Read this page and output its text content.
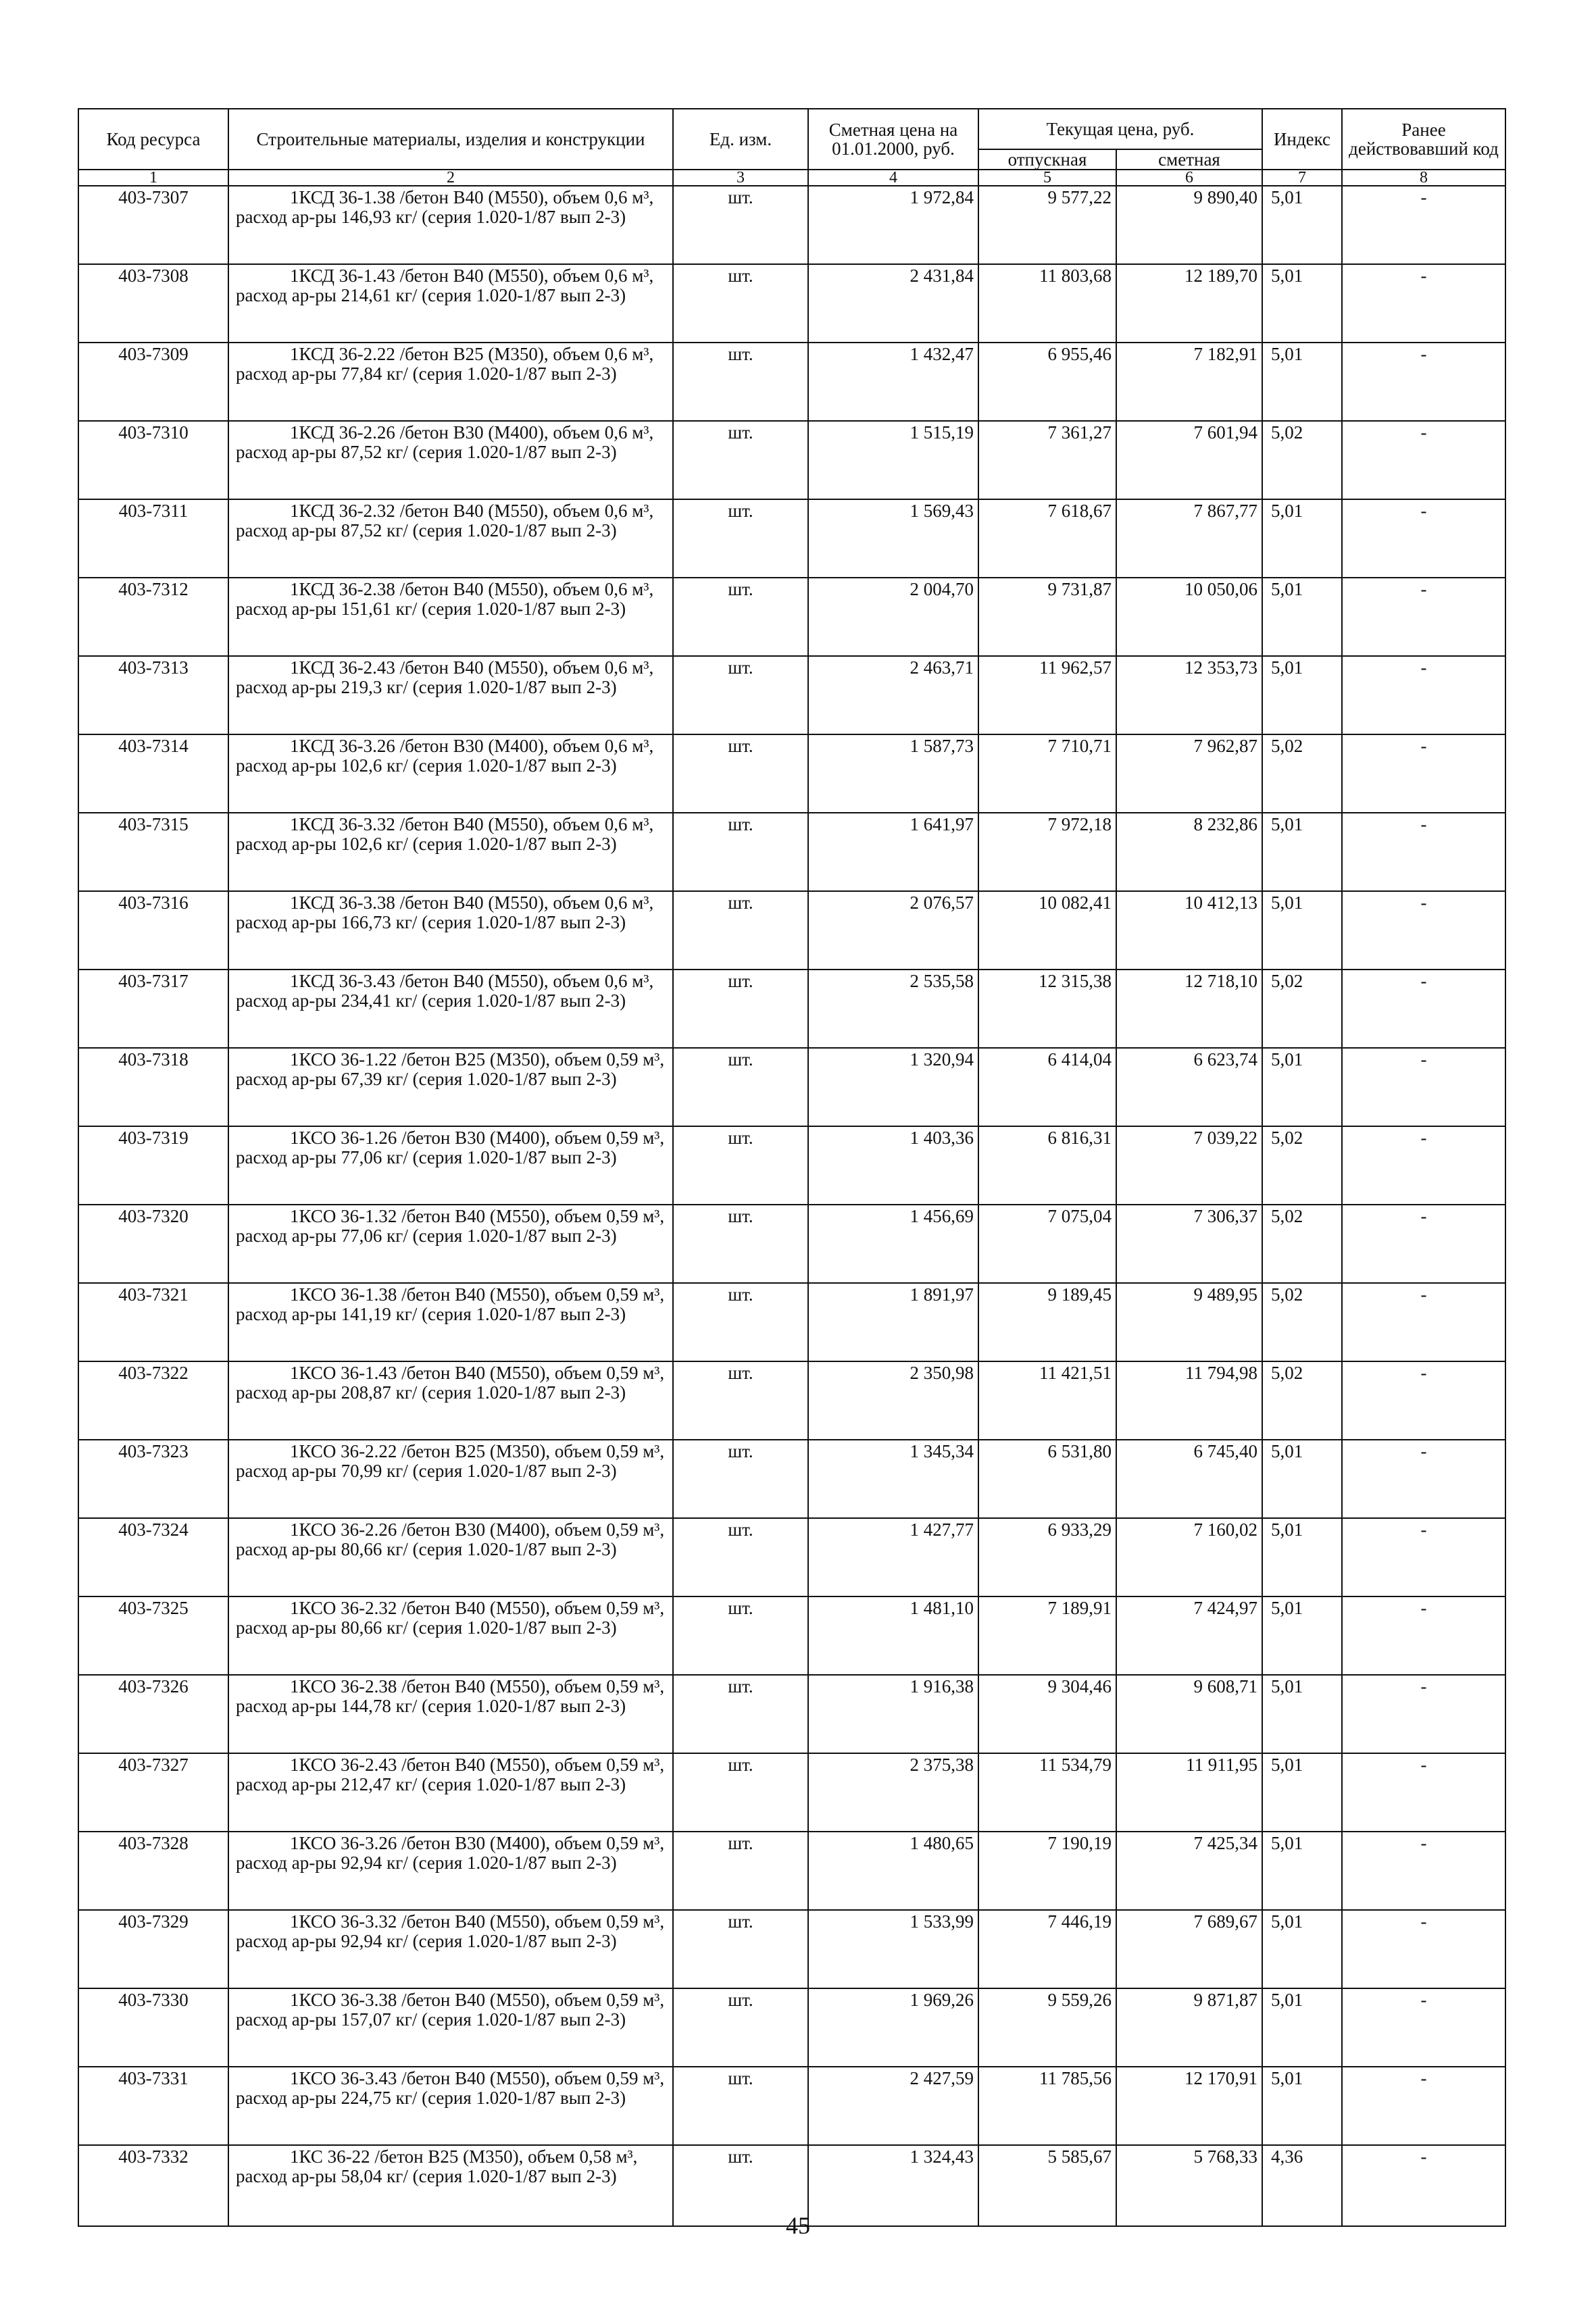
Код ресурса	Строительные материалы, изделия и конструкции	Ед. изм.	Сметная цена на 01.01.2000, руб.	Текущая цена, руб.		Индекс	Ранее действовавший код
				отпускная	сметная		
1	2	3	4	5	6	7	8
403-7307	1КСД 36-1.38 /бетон В40 (М550), объем 0,6 м³, расход ар-ры 146,93 кг/ (серия 1.020-1/87 вып 2-3)	шт.	1 972,84	9 577,22	9 890,40	5,01	-
403-7308	1КСД 36-1.43 /бетон В40 (М550), объем 0,6 м³, расход ар-ры 214,61 кг/ (серия 1.020-1/87 вып 2-3)	шт.	2 431,84	11 803,68	12 189,70	5,01	-
403-7309	1КСД 36-2.22 /бетон В25 (М350), объем 0,6 м³, расход ар-ры 77,84 кг/ (серия 1.020-1/87 вып 2-3)	шт.	1 432,47	6 955,46	7 182,91	5,01	-
403-7310	1КСД 36-2.26 /бетон В30 (М400), объем 0,6 м³, расход ар-ры 87,52 кг/ (серия 1.020-1/87 вып 2-3)	шт.	1 515,19	7 361,27	7 601,94	5,02	-
403-7311	1КСД 36-2.32 /бетон В40 (М550), объем 0,6 м³, расход ар-ры 87,52 кг/ (серия 1.020-1/87 вып 2-3)	шт.	1 569,43	7 618,67	7 867,77	5,01	-
403-7312	1КСД 36-2.38 /бетон В40 (М550), объем 0,6 м³, расход ар-ры 151,61 кг/ (серия 1.020-1/87 вып 2-3)	шт.	2 004,70	9 731,87	10 050,06	5,01	-
403-7313	1КСД 36-2.43 /бетон В40 (М550), объем 0,6 м³, расход ар-ры 219,3 кг/ (серия 1.020-1/87 вып 2-3)	шт.	2 463,71	11 962,57	12 353,73	5,01	-
403-7314	1КСД 36-3.26 /бетон В30 (М400), объем 0,6 м³, расход ар-ры 102,6 кг/ (серия 1.020-1/87 вып 2-3)	шт.	1 587,73	7 710,71	7 962,87	5,02	-
403-7315	1КСД 36-3.32 /бетон В40 (М550), объем 0,6 м³, расход ар-ры 102,6 кг/ (серия 1.020-1/87 вып 2-3)	шт.	1 641,97	7 972,18	8 232,86	5,01	-
403-7316	1КСД 36-3.38 /бетон В40 (М550), объем 0,6 м³, расход ар-ры 166,73 кг/ (серия 1.020-1/87 вып 2-3)	шт.	2 076,57	10 082,41	10 412,13	5,01	-
403-7317	1КСД 36-3.43 /бетон В40 (М550), объем 0,6 м³, расход ар-ры 234,41 кг/ (серия 1.020-1/87 вып 2-3)	шт.	2 535,58	12 315,38	12 718,10	5,02	-
403-7318	1КСО 36-1.22 /бетон В25 (М350), объем 0,59 м³, расход ар-ры 67,39 кг/ (серия 1.020-1/87 вып 2-3)	шт.	1 320,94	6 414,04	6 623,74	5,01	-
403-7319	1КСО 36-1.26 /бетон В30 (М400), объем 0,59 м³, расход ар-ры 77,06 кг/ (серия 1.020-1/87 вып 2-3)	шт.	1 403,36	6 816,31	7 039,22	5,02	-
403-7320	1КСО 36-1.32 /бетон В40 (М550), объем 0,59 м³, расход ар-ры 77,06 кг/ (серия 1.020-1/87 вып 2-3)	шт.	1 456,69	7 075,04	7 306,37	5,02	-
403-7321	1КСО 36-1.38 /бетон В40 (М550), объем 0,59 м³, расход ар-ры 141,19 кг/ (серия 1.020-1/87 вып 2-3)	шт.	1 891,97	9 189,45	9 489,95	5,02	-
403-7322	1КСО 36-1.43 /бетон В40 (М550), объем 0,59 м³, расход ар-ры 208,87 кг/ (серия 1.020-1/87 вып 2-3)	шт.	2 350,98	11 421,51	11 794,98	5,02	-
403-7323	1КСО 36-2.22 /бетон В25 (М350), объем 0,59 м³, расход ар-ры 70,99 кг/ (серия 1.020-1/87 вып 2-3)	шт.	1 345,34	6 531,80	6 745,40	5,01	-
403-7324	1КСО 36-2.26 /бетон В30 (М400), объем 0,59 м³, расход ар-ры 80,66 кг/ (серия 1.020-1/87 вып 2-3)	шт.	1 427,77	6 933,29	7 160,02	5,01	-
403-7325	1КСО 36-2.32 /бетон В40 (М550), объем 0,59 м³, расход ар-ры 80,66 кг/ (серия 1.020-1/87 вып 2-3)	шт.	1 481,10	7 189,91	7 424,97	5,01	-
403-7326	1КСО 36-2.38 /бетон В40 (М550), объем 0,59 м³, расход ар-ры 144,78 кг/ (серия 1.020-1/87 вып 2-3)	шт.	1 916,38	9 304,46	9 608,71	5,01	-
403-7327	1КСО 36-2.43 /бетон В40 (М550), объем 0,59 м³, расход ар-ры 212,47 кг/ (серия 1.020-1/87 вып 2-3)	шт.	2 375,38	11 534,79	11 911,95	5,01	-
403-7328	1КСО 36-3.26 /бетон В30 (М400), объем 0,59 м³, расход ар-ры 92,94 кг/ (серия 1.020-1/87 вып 2-3)	шт.	1 480,65	7 190,19	7 425,34	5,01	-
403-7329	1КСО 36-3.32 /бетон В40 (М550), объем 0,59 м³, расход ар-ры 92,94 кг/ (серия 1.020-1/87 вып 2-3)	шт.	1 533,99	7 446,19	7 689,67	5,01	-
403-7330	1КСО 36-3.38 /бетон В40 (М550), объем 0,59 м³, расход ар-ры 157,07 кг/ (серия 1.020-1/87 вып 2-3)	шт.	1 969,26	9 559,26	9 871,87	5,01	-
403-7331	1КСО 36-3.43 /бетон В40 (М550), объем 0,59 м³, расход ар-ры 224,75 кг/ (серия 1.020-1/87 вып 2-3)	шт.	2 427,59	11 785,56	12 170,91	5,01	-
403-7332	1КС 36-22 /бетон В25 (М350), объем 0,58 м³, расход ар-ры 58,04 кг/ (серия 1.020-1/87 вып 2-3)	шт.	1 324,43	5 585,67	5 768,33	4,36	-
45
